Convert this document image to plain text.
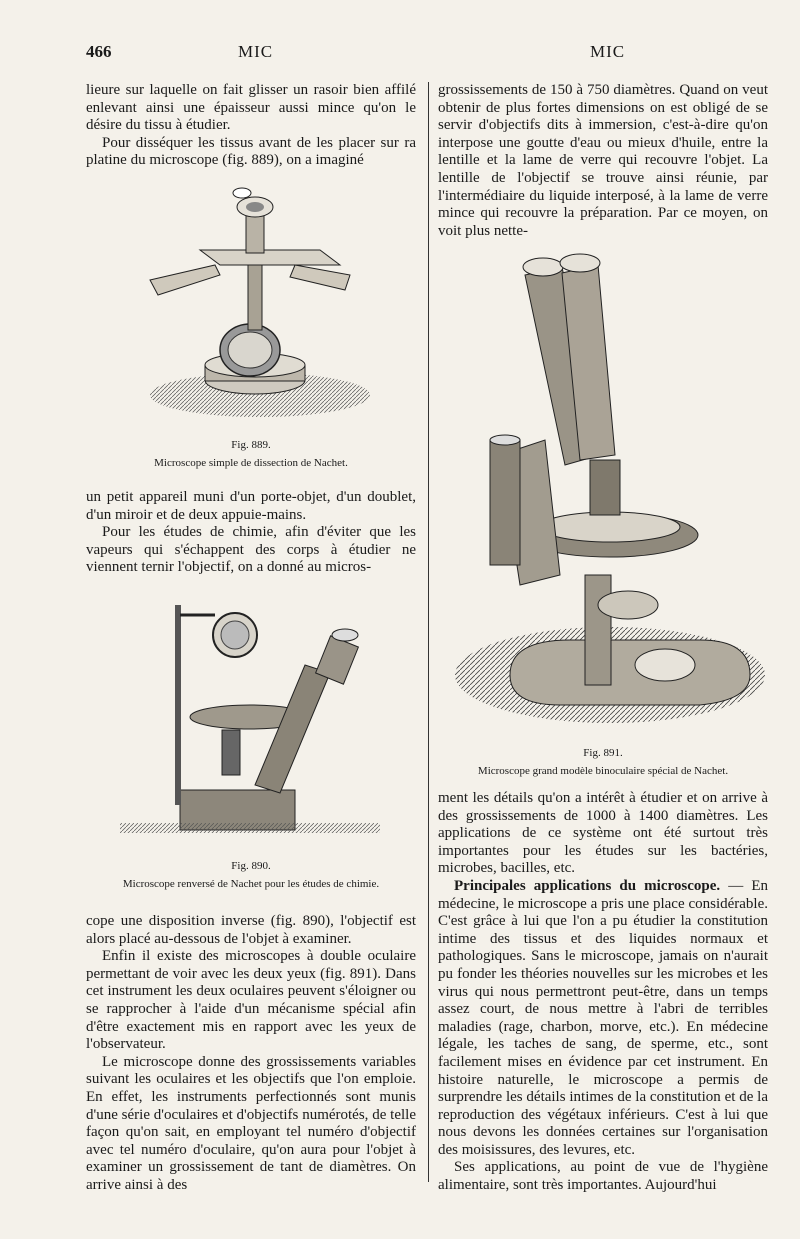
466	MIC	MIC

lieure sur laquelle on fait glisser un rasoir bien affilé enlevant ainsi une épaisseur aussi mince qu'on le désire du tissu à étudier.

Pour disséquer les tissus avant de les placer sur ra platine du microscope (fig. 889), on a imaginé

Fig. 889.

Microscope simple de dissection de Nachet.

un petit appareil muni d'un porte-objet, d'un doublet, d'un miroir et de deux appuie-mains.

Pour les études de chimie, afin d'éviter que les vapeurs qui s'échappent des corps à étudier ne viennent ternir l'objectif, on a donné au micros-

Fig. 890.

Microscope renversé de Nachet pour les études de chimie.

cope une disposition inverse (fig. 890), l'objectif est alors placé au-dessous de l'objet à examiner.

Enfin il existe des microscopes à double oculaire permettant de voir avec les deux yeux (fig. 891). Dans cet instrument les deux oculaires peuvent s'éloigner ou se rapprocher à l'aide d'un mécanisme spécial afin d'être exactement mis en rapport avec les yeux de l'observateur.

Le microscope donne des grossissements variables suivant les oculaires et les objectifs que l'on emploie. En effet, les instruments perfectionnés sont munis d'une série d'oculaires et d'objectifs numérotés, de telle façon qu'on sait, en employant tel numéro d'objectif avec tel numéro d'oculaire, qu'on aura pour l'objet à examiner un grossissement de tant de diamètres. On arrive ainsi à des

grossissements de 150 à 750 diamètres. Quand on veut obtenir de plus fortes dimensions on est obligé de se servir d'objectifs dits à immersion, c'est-à-dire qu'on interpose une goutte d'eau ou mieux d'huile, entre la lentille et la lame de verre qui recouvre l'objet. La lentille de l'objectif se trouve ainsi réunie, par l'intermédiaire du liquide interposé, à la lame de verre mince qui recouvre la préparation. Par ce moyen, on voit plus nette-

Fig. 891.

Microscope grand modèle binoculaire spécial de Nachet.

ment les détails qu'on a intérêt à étudier et on arrive à des grossissements de 1000 à 1400 diamètres. Les applications de ce système ont été surtout très importantes pour les études sur les bactéries, microbes, bacilles, etc.

Principales applications du microscope. — En médecine, le microscope a pris une place considérable. C'est grâce à lui que l'on a pu étudier la constitution intime des tissus et des liquides normaux et pathologiques. Sans le microscope, jamais on n'aurait pu fonder les théories nouvelles sur les microbes et les virus qui nous permettront peut-être, dans un temps assez court, de nous mettre à l'abri de terribles maladies (rage, charbon, morve, etc.). En médecine légale, les taches de sang, de sperme, etc., sont facilement mises en évidence par cet instrument. En histoire naturelle, le microscope a permis de surprendre les détails intimes de la constitution et de la reproduction des végétaux inférieurs. C'est à lui que nous devons les données certaines sur l'organisation des moisissures, des levures, etc.

Ses applications, au point de vue de l'hygiène alimentaire, sont très importantes. Aujourd'hui
